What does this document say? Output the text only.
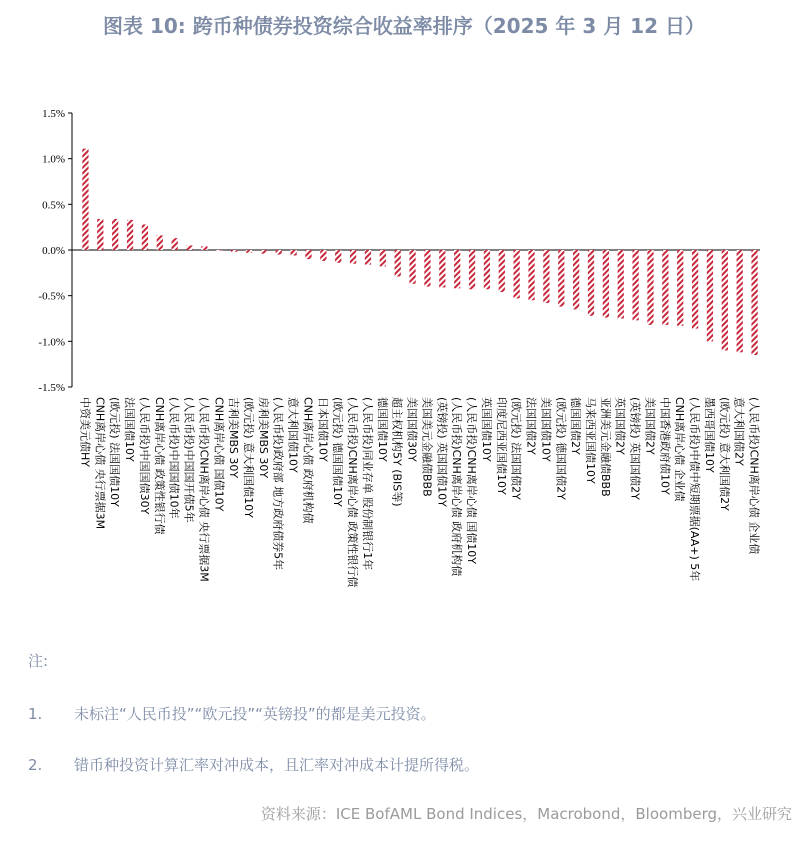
图表 10: 跨币种债券投资综合收益率排序（2025 年 3 月 12 日）
1.5%
1.0%
0.5%
0.0%
-0.5%
-1.0%
-1.5%
中资美元债HY CNH离岸心债 央行票据3M (欧元投) 法国国债10Y 法国国债10Y (人民币投)中国国债30Y CNH离岸心债 政策性银行债 (人民币投)中国国债10年 (人民币投)中国国开债5年 (人民币投)CNH离岸心债 央行票据3M CNH离岸心债 国债10Y 吉利美MBS 30Y (欧元投) 意大利国债10Y 房利美MBS 30Y (人民币投)政府部 地方政府债券5年 意大利国债10Y CNH离岸心债 政府机构债 日本国债10Y (欧元投) 德国国债10Y (人民币投)CNH离岸心债 政策性银行债 (人民币投)同业存单 股份制银行1年 德国国债10Y 超主权机构5Y (BIS等) 美国国债30Y 美国美元金融债BBB (英镑投) 英国国债10Y (人民币投)CNH离岸心债 政府机构债 (人民币投)CNH离岸心债 国债10Y 英国国债10Y 印度尼西亚国债10Y (欧元投) 法国国债2Y 法国国债2Y 美国国债10Y (欧元投) 德国国债2Y 德国国债2Y 马来西亚国债10Y 亚洲美元金融债BBB 英国国债2Y (英镑投) 英国国债2Y 美国国债2Y 中国香港政府债10Y CNH离岸心债 企业债 (人民币投)中债中短期票据(AA+) 5年 墨西哥国债10Y (欧元投) 意大利国债2Y 意大利国债2Y (人民币投)CNH离岸心债 企业债
注:
1. 未标注“人民币投”“欧元投”“英镑投”的都是美元投资。
2. 错币种投资计算汇率对冲成本，且汇率对冲成本计提所得税。
资料来源：ICE BofAML Bond Indices，Macrobond，Bloomberg，兴业研究
